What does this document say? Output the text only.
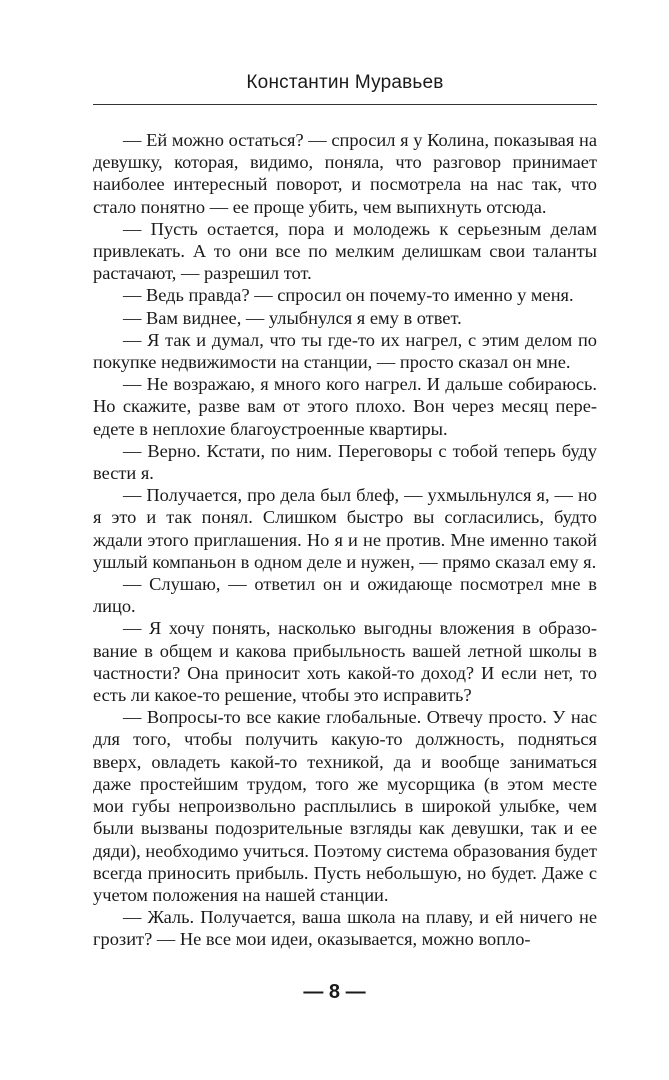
Константин Муравьев

— Ей можно остаться? — спросил я у Колина, показывая на девушку, которая, видимо, поняла, что разговор принимает наиболее интересный поворот, и посмотрела на нас так, что стало понятно — ее проще убить, чем выпихнуть отсюда.

— Пусть остается, пора и молодежь к серьезным делам привлекать. А то они все по мелким делишкам свои таланты растачают, — разрешил тот.

— Ведь правда? — спросил он почему-то именно у меня.

— Вам виднее, — улыбнулся я ему в ответ.

— Я так и думал, что ты где-то их нагрел, с этим делом по покупке недвижимости на станции, — просто сказал он мне.

— Не возражаю, я много кого нагрел. И дальше собираюсь. Но скажите, разве вам от этого плохо. Вон через месяц переедете в неплохие благоустроенные квартиры.

— Верно. Кстати, по ним. Переговоры с тобой теперь буду вести я.

— Получается, про дела был блеф, — ухмыльнулся я, — но я это и так понял. Слишком быстро вы согласились, будто ждали этого приглашения. Но я и не против. Мне именно такой ушлый компаньон в одном деле и нужен, — прямо сказал ему я.

— Слушаю, — ответил он и ожидающе посмотрел мне в лицо.

— Я хочу понять, насколько выгодны вложения в образование в общем и какова прибыльность вашей летной школы в частности? Она приносит хоть какой-то доход? И если нет, то есть ли какое-то решение, чтобы это исправить?

— Вопросы-то все какие глобальные. Отвечу просто. У нас для того, чтобы получить какую-то должность, подняться вверх, овладеть какой-то техникой, да и вообще заниматься даже простейшим трудом, того же мусорщика (в этом месте мои губы непроизвольно расплылись в широкой улыбке, чем были вызваны подозрительные взгляды как девушки, так и ее дяди), необходимо учиться. Поэтому система образования будет всегда приносить прибыль. Пусть небольшую, но будет. Даже с учетом положения на нашей станции.

— Жаль. Получается, ваша школа на плаву, и ей ничего не грозит? — Не все мои идеи, оказывается, можно вопло-

— 8 —
